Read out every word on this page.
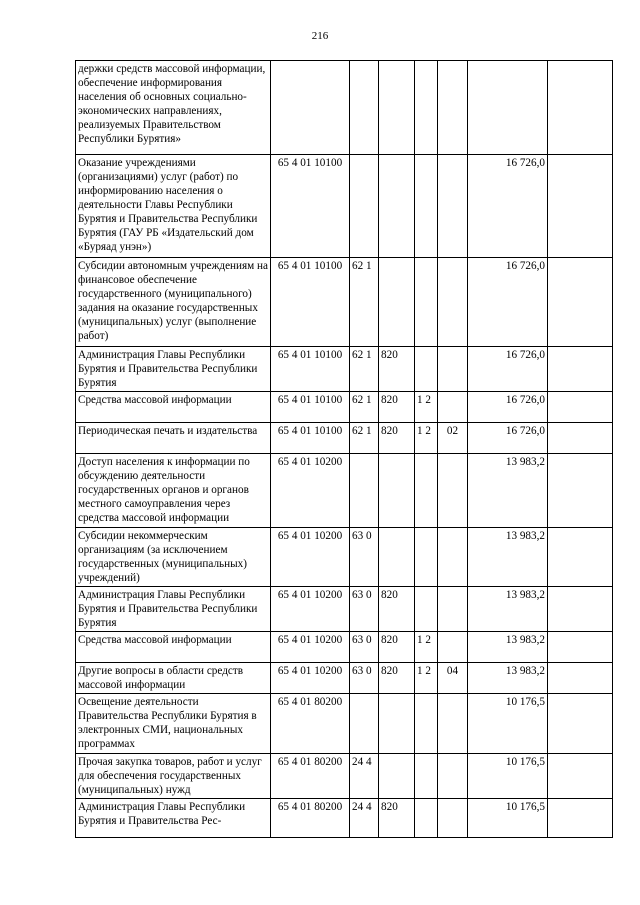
216
держки средств массовой информации, обеспечение информирования населения об основных социально-экономических направлениях, реализуемых Правительством Республики Бурятия»							
Оказание учреждениями (организациями) услуг (работ) по информированию населения о деятельности Главы Республики Бурятия и Правительства Республики Бурятия (ГАУ РБ «Издательский дом «Буряад унэн»)	65 4 01 10100					16 726,0	
Субсидии автономным учреждениям на финансовое обеспечение государственного (муниципального) задания на оказание государственных (муниципальных) услуг (выполнение работ)	65 4 01 10100	62 1				16 726,0	
Администрация Главы Республики Бурятия и Правительства Республики Бурятия	65 4 01 10100	62 1	820			16 726,0	
Средства массовой информации	65 4 01 10100	62 1	820	1 2		16 726,0	
Периодическая печать и издательства	65 4 01 10100	62 1	820	1 2	02	16 726,0	
Доступ населения к информации по обсуждению деятельности государственных органов и органов местного самоуправления через средства массовой информации	65 4 01 10200					13 983,2	
Субсидии некоммерческим организациям (за исключением государственных (муниципальных) учреждений)	65 4 01 10200	63 0				13 983,2	
Администрация Главы Республики Бурятия и Правительства Республики Бурятия	65 4 01 10200	63 0	820			13 983,2	
Средства массовой информации	65 4 01 10200	63 0	820	1 2		13 983,2	
Другие вопросы в области средств массовой информации	65 4 01 10200	63 0	820	1 2	04	13 983,2	
Освещение деятельности Правительства Республики Бурятия в электронных СМИ, национальных программах	65 4 01 80200					10 176,5	
Прочая закупка товаров, работ и услуг для обеспечения государственных (муниципальных) нужд	65 4 01 80200	24 4				10 176,5	
Администрация Главы Республики Бурятия и Правительства Рес-	65 4 01 80200	24 4	820			10 176,5	
